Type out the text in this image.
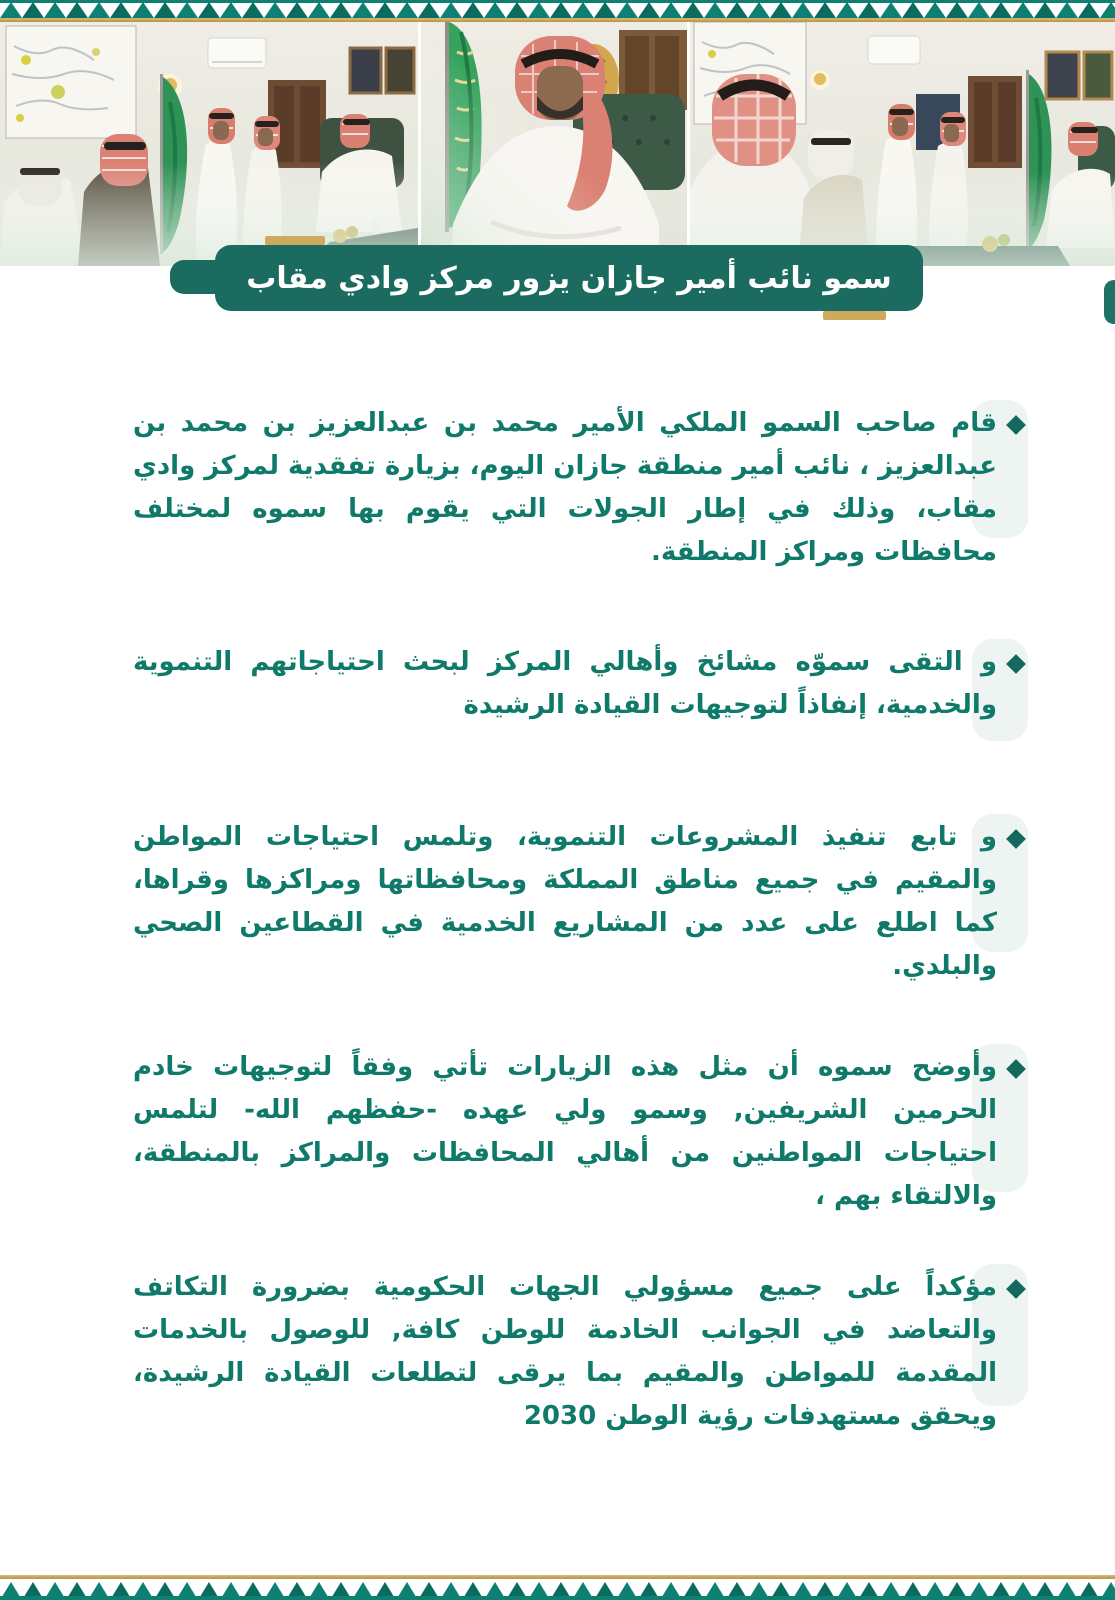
سمو نائب أمير جازان يزور مركز وادي مقاب

قام صاحب السمو الملكي الأمير محمد بن عبدالعزيز بن محمد بن عبدالعزيز ، نائب أمير منطقة جازان اليوم، بزيارة تفقدية لمركز وادي مقاب، وذلك في إطار الجولات التي يقوم بها سموه لمختلف محافظات ومراكز المنطقة.

و التقى سموّه مشائخ وأهالي المركز لبحث احتياجاتهم التنموية والخدمية، إنفاذاً لتوجيهات القيادة الرشيدة

و تابع تنفيذ المشروعات التنموية، وتلمس احتياجات المواطن والمقيم في جميع مناطق المملكة ومحافظاتها ومراكزها وقراها، كما اطلع على عدد من المشاريع الخدمية في القطاعين الصحي والبلدي.

وأوضح سموه أن مثل هذه الزيارات تأتي وفقاً لتوجيهات خادم الحرمين الشريفين, وسمو ولي عهده -حفظهم الله- لتلمس احتياجات المواطنين من أهالي المحافظات والمراكز بالمنطقة، والالتقاء بهم ،

مؤكداً على جميع مسؤولي الجهات الحكومية بضرورة التكاتف والتعاضد في الجوانب الخادمة للوطن كافة, للوصول بالخدمات المقدمة للمواطن والمقيم بما يرقى لتطلعات القيادة الرشيدة، ويحقق مستهدفات رؤية الوطن 2030
